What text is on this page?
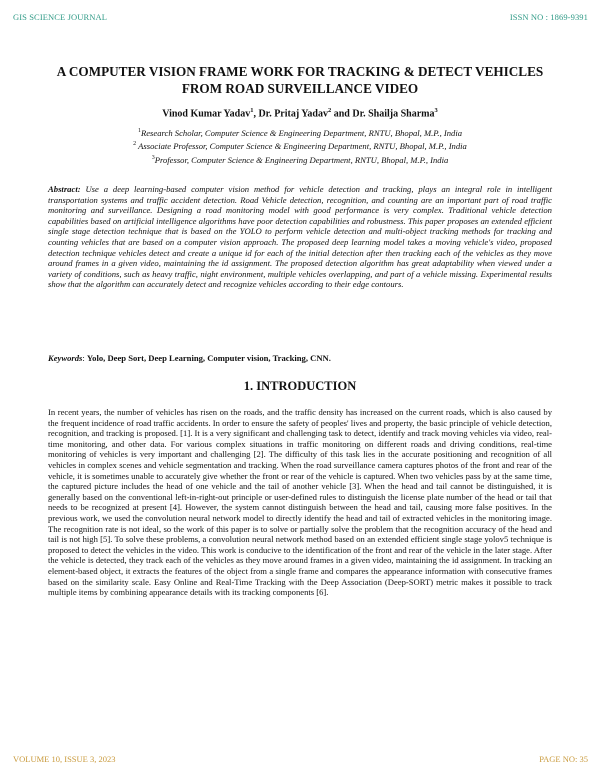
GIS SCIENCE JOURNAL	ISSN NO : 1869-9391
A COMPUTER VISION FRAME WORK FOR TRACKING & DETECT VEHICLES FROM ROAD SURVEILLANCE VIDEO
Vinod Kumar Yadav$^1$, Dr. Pritaj Yadav$^2$ and Dr. Shailja Sharma$^3$
$^1$Research Scholar, Computer Science & Engineering Department, RNTU, Bhopal, M.P., India
$^2$ Associate Professor, Computer Science & Engineering Department, RNTU, Bhopal, M.P., India
$^3$Professor, Computer Science & Engineering Department, RNTU, Bhopal, M.P., India

Abstract: Use a deep learning-based computer vision method for vehicle detection and tracking, plays an integral role in intelligent transportation systems and traffic accident detection. Road Vehicle detection, recognition, and counting are an important part of road traffic monitoring and surveillance. Designing a road monitoring model with good performance is very complex. Traditional vehicle detection capabilities based on artificial intelligence algorithms have poor detection capabilities and robustness. This paper proposes an extended efficient single stage detection technique that is based on the YOLO to perform vehicle detection and multi-object tracking methods for tracking and counting vehicles that are based on a computer vision approach. The proposed deep learning model takes a moving vehicle's video, proposed detection technique vehicles detect and create a unique id for each of the initial detection after then tracking each of the vehicles as they move around frames in a given video, maintaining the id assignment. The proposed detection algorithm has great adaptability when viewed under a variety of conditions, such as heavy traffic, night environment, multiple vehicles overlapping, and part of a vehicle missing. Experimental results show that the algorithm can accurately detect and recognize vehicles according to their edge contours.

Keywords: Yolo, Deep Sort, Deep Learning, Computer vision, Tracking, CNN.

1. INTRODUCTION

In recent years, the number of vehicles has risen on the roads, and the traffic density has increased on the current roads, which is also caused by the frequent incidence of road traffic accidents. In order to ensure the safety of peoples' lives and property, the basic principle of vehicle detection, recognition, and tracking is proposed. [1]. It is a very significant and challenging task to detect, identify and track moving vehicles via video, real-time monitoring, and other data. For various complex situations in traffic monitoring on different roads and driving conditions, real-time monitoring of vehicles is very important and challenging [2]. The difficulty of this task lies in the accurate positioning and recognition of all vehicles in complex scenes and vehicle segmentation and tracking. When the road surveillance camera captures photos of the front and rear of the vehicle, it is sometimes unable to accurately give whether the front or rear of the vehicle is captured. When two vehicles pass by at the same time, the captured picture includes the head of one vehicle and the tail of another vehicle [3]. When the head and tail cannot be distinguished, it is generally based on the conventional left-in-right-out principle or user-defined rules to distinguish the license plate number of the head or tail that needs to be recognized at present [4]. However, the system cannot distinguish between the head and tail, causing more false positives. In the previous work, we used the convolution neural network model to directly identify the head and tail of extracted vehicles in the monitoring image. The recognition rate is not ideal, so the work of this paper is to solve or partially solve the problem that the recognition accuracy of the head and tail is not high [5]. To solve these problems, a convolution neural network method based on an extended efficient single stage yolov5 technique is proposed to detect the vehicles in the video. This work is conducive to the identification of the front and rear of the vehicle in the later stage. After the vehicle is detected, they track each of the vehicles as they move around frames in a given video, maintaining the id assignment. In tracking an element-based object, it extracts the features of the object from a single frame and compares the appearance information with consecutive frames based on the similarity scale. Easy Online and Real-Time Tracking with the Deep Association (Deep-SORT) metric makes it possible to track multiple items by combining appearance details with its tracking components [6].

VOLUME 10, ISSUE 3, 2023	PAGE NO: 35
